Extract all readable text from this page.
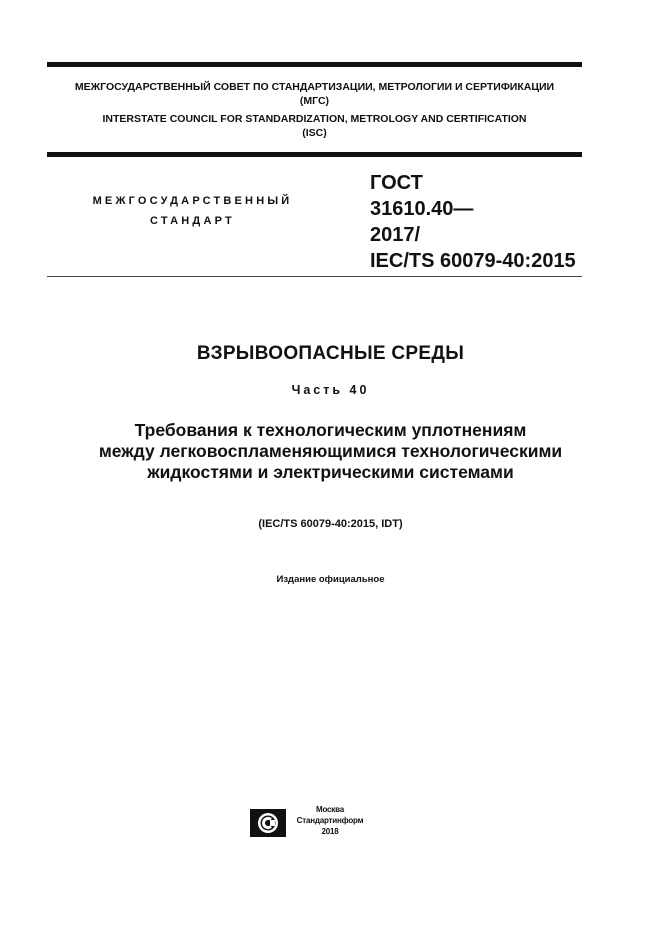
МЕЖГОСУДАРСТВЕННЫЙ СОВЕТ ПО СТАНДАРТИЗАЦИИ, МЕТРОЛОГИИ И СЕРТИФИКАЦИИ
(МГС)
INTERSTATE COUNCIL FOR STANDARDIZATION, METROLOGY AND CERTIFICATION
(ISC)
МЕЖГОСУДАРСТВЕННЫЙ
СТАНДАРТ
ГОСТ
31610.40—
2017/
IEC/TS 60079-40:2015
ВЗРЫВООПАСНЫЕ СРЕДЫ
Часть 40
Требования к технологическим уплотнениям
между легковоспламеняющимися технологическими
жидкостями и электрическими системами
(IEC/TS 60079-40:2015, IDT)
Издание официальное
Москва
Стандартинформ
2018
